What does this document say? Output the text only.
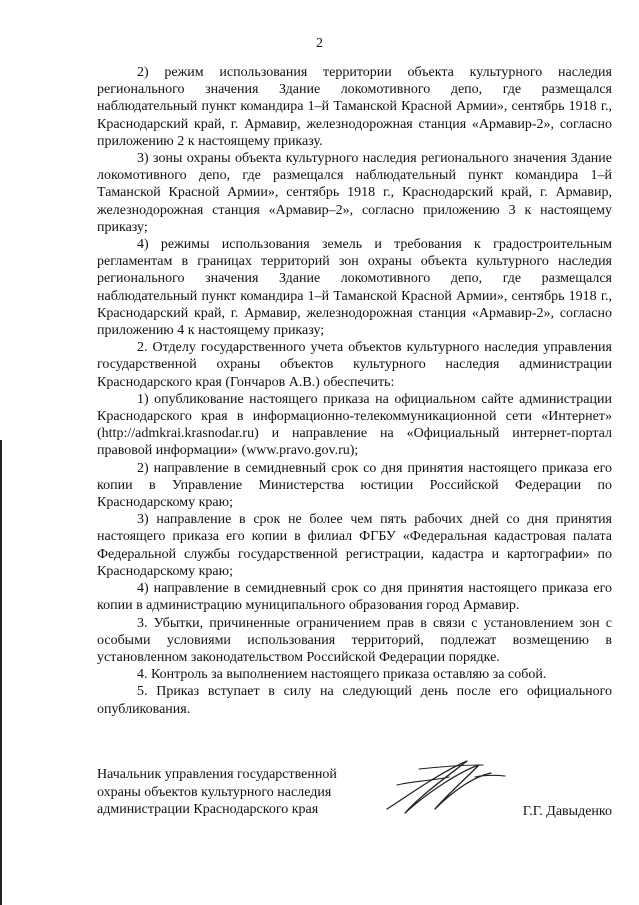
2

2) режим использования территории объекта культурного наследия регионального значения Здание локомотивного депо, где размещался наблюдательный пункт командира 1–й Таманской Красной Армии», сентябрь 1918 г., Краснодарский край, г. Армавир, железнодорожная станция «Армавир-2», согласно приложению 2 к настоящему приказу.

3) зоны охраны объекта культурного наследия регионального значения Здание локомотивного депо, где размещался наблюдательный пункт командира 1–й Таманской Красной Армии», сентябрь 1918 г., Краснодарский край, г. Армавир, железнодорожная станция «Армавир–2», согласно приложению 3 к настоящему приказу;

4) режимы использования земель и требования к градостроительным регламентам в границах территорий зон охраны объекта культурного наследия регионального значения Здание локомотивного депо, где размещался наблюдательный пункт командира 1–й Таманской Красной Армии», сентябрь 1918 г., Краснодарский край, г. Армавир, железнодорожная станция «Армавир-2», согласно приложению 4 к настоящему приказу;

2. Отделу государственного учета объектов культурного наследия управления государственной охраны объектов культурного наследия администрации Краснодарского края (Гончаров А.В.) обеспечить:

1) опубликование настоящего приказа на официальном сайте администрации Краснодарского края в информационно-телекоммуникационной сети «Интернет» (http://admkrai.krasnodar.ru) и направление на «Официальный интернет-портал правовой информации» (www.pravo.gov.ru);

2) направление в семидневный срок со дня принятия настоящего приказа его копии в Управление Министерства юстиции Российской Федерации по Краснодарскому краю;

3) направление в срок не более чем пять рабочих дней со дня принятия настоящего приказа его копии в филиал ФГБУ «Федеральная кадастровая палата Федеральной службы государственной регистрации, кадастра и картографии» по Краснодарскому краю;

4) направление в семидневный срок со дня принятия настоящего приказа его копии в администрацию муниципального образования город Армавир.

3. Убытки, причиненные ограничением прав в связи с установлением зон с особыми условиями использования территорий, подлежат возмещению в установленном законодательством Российской Федерации порядке.

4. Контроль за выполнением настоящего приказа оставляю за собой.

5. Приказ вступает в силу на следующий день после его официального опубликования.

Начальник управления государственной
охраны объектов культурного наследия
администрации Краснодарского края	Г.Г. Давыденко
